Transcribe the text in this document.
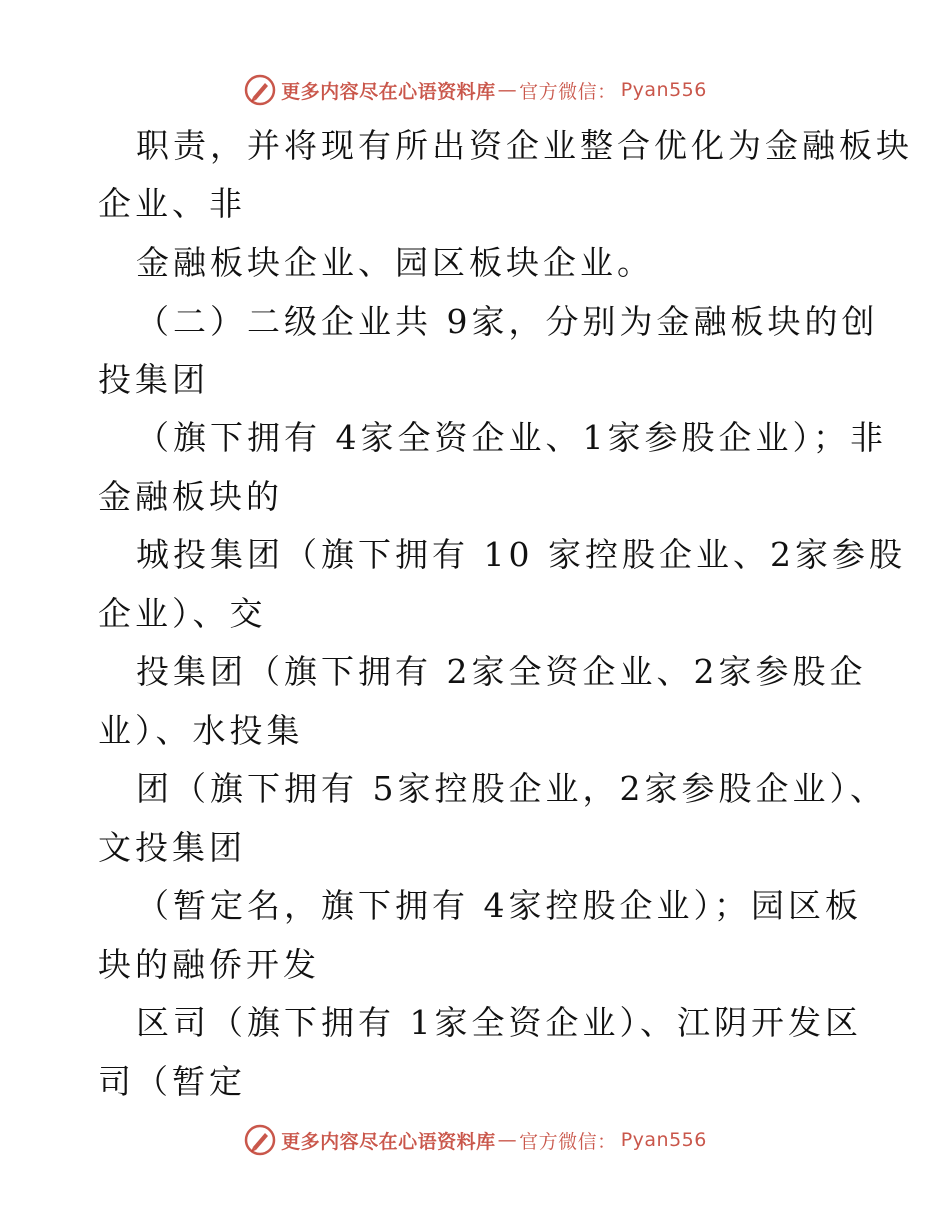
更多内容尽在心语资料库 — 官方微信： Pyan556
职责，并将现有所出资企业整合优化为金融板块
企业、非
金融板块企业、园区板块企业。
（二）二级企业共 9家，分别为金融板块的创
投集团
（旗下拥有 4家全资企业、1家参股企业）；非
金融板块的
城投集团（旗下拥有 10 家控股企业、2家参股
企业）、交
投集团（旗下拥有 2家全资企业、2家参股企
业）、水投集
团（旗下拥有 5家控股企业，2家参股企业）、
文投集团
（暂定名，旗下拥有 4家控股企业）；园区板
块的融侨开发
区司（旗下拥有 1家全资企业）、江阴开发区
司（暂定
更多内容尽在心语资料库 — 官方微信： Pyan556
